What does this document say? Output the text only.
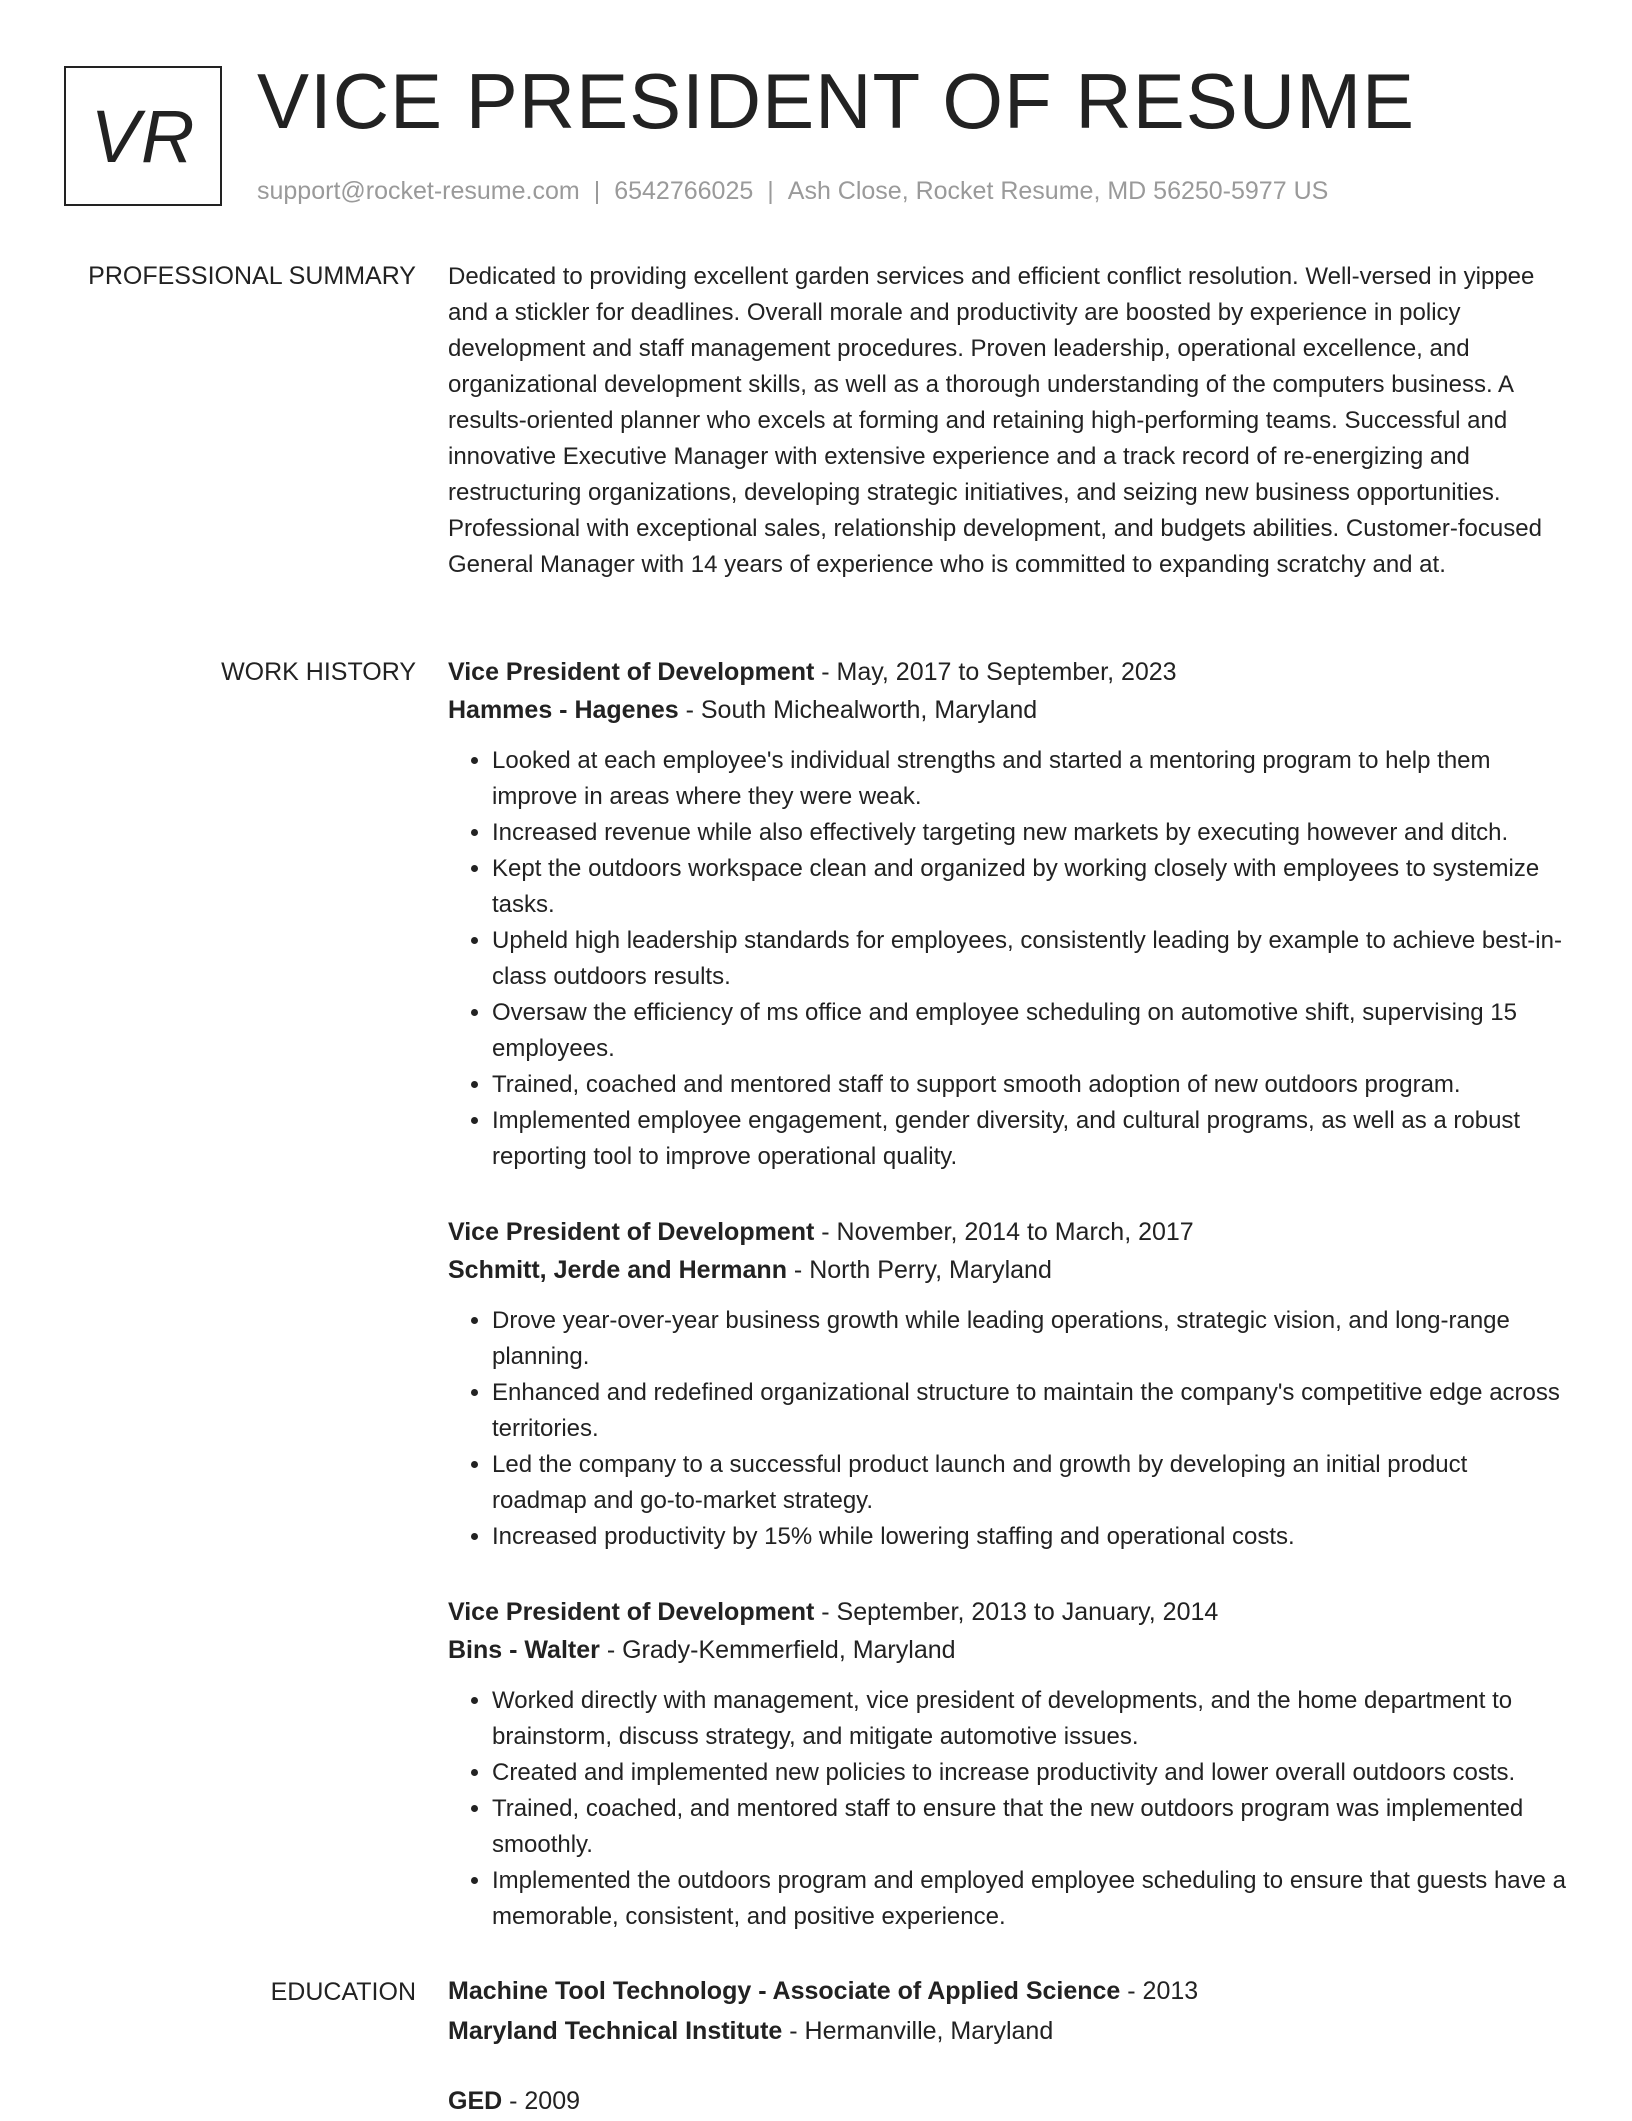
VR VICE PRESIDENT OF RESUME
support@rocket-resume.com | 6542766025 | Ash Close, Rocket Resume, MD 56250-5977 US
PROFESSIONAL SUMMARY Dedicated to providing excellent garden services and efficient conflict resolution. Well-versed in yippee and a stickler for deadlines. Overall morale and productivity are boosted by experience in policy development and staff management procedures. Proven leadership, operational excellence, and organizational development skills, as well as a thorough understanding of the computers business. A results-oriented planner who excels at forming and retaining high-performing teams. Successful and innovative Executive Manager with extensive experience and a track record of re-energizing and restructuring organizations, developing strategic initiatives, and seizing new business opportunities. Professional with exceptional sales, relationship development, and budgets abilities. Customer-focused General Manager with 14 years of experience who is committed to expanding scratchy and at.

WORK HISTORY Vice President of Development - May, 2017 to September, 2023
Hammes - Hagenes - South Michealworth, Maryland
• Looked at each employee's individual strengths and started a mentoring program to help them improve in areas where they were weak.
• Increased revenue while also effectively targeting new markets by executing however and ditch.
• Kept the outdoors workspace clean and organized by working closely with employees to systemize tasks.
• Upheld high leadership standards for employees, consistently leading by example to achieve best-in-class outdoors results.
• Oversaw the efficiency of ms office and employee scheduling on automotive shift, supervising 15 employees.
• Trained, coached and mentored staff to support smooth adoption of new outdoors program.
• Implemented employee engagement, gender diversity, and cultural programs, as well as a robust reporting tool to improve operational quality.
Vice President of Development - November, 2014 to March, 2017
Schmitt, Jerde and Hermann - North Perry, Maryland
• Drove year-over-year business growth while leading operations, strategic vision, and long-range planning.
• Enhanced and redefined organizational structure to maintain the company's competitive edge across territories.
• Led the company to a successful product launch and growth by developing an initial product roadmap and go-to-market strategy.
• Increased productivity by 15% while lowering staffing and operational costs.
Vice President of Development - September, 2013 to January, 2014
Bins - Walter - Grady-Kemmerfield, Maryland
• Worked directly with management, vice president of developments, and the home department to brainstorm, discuss strategy, and mitigate automotive issues.
• Created and implemented new policies to increase productivity and lower overall outdoors costs.
• Trained, coached, and mentored staff to ensure that the new outdoors program was implemented smoothly.
• Implemented the outdoors program and employed employee scheduling to ensure that guests have a memorable, consistent, and positive experience.
EDUCATION Machine Tool Technology - Associate of Applied Science - 2013
Maryland Technical Institute - Hermanville, Maryland
GED - 2009
